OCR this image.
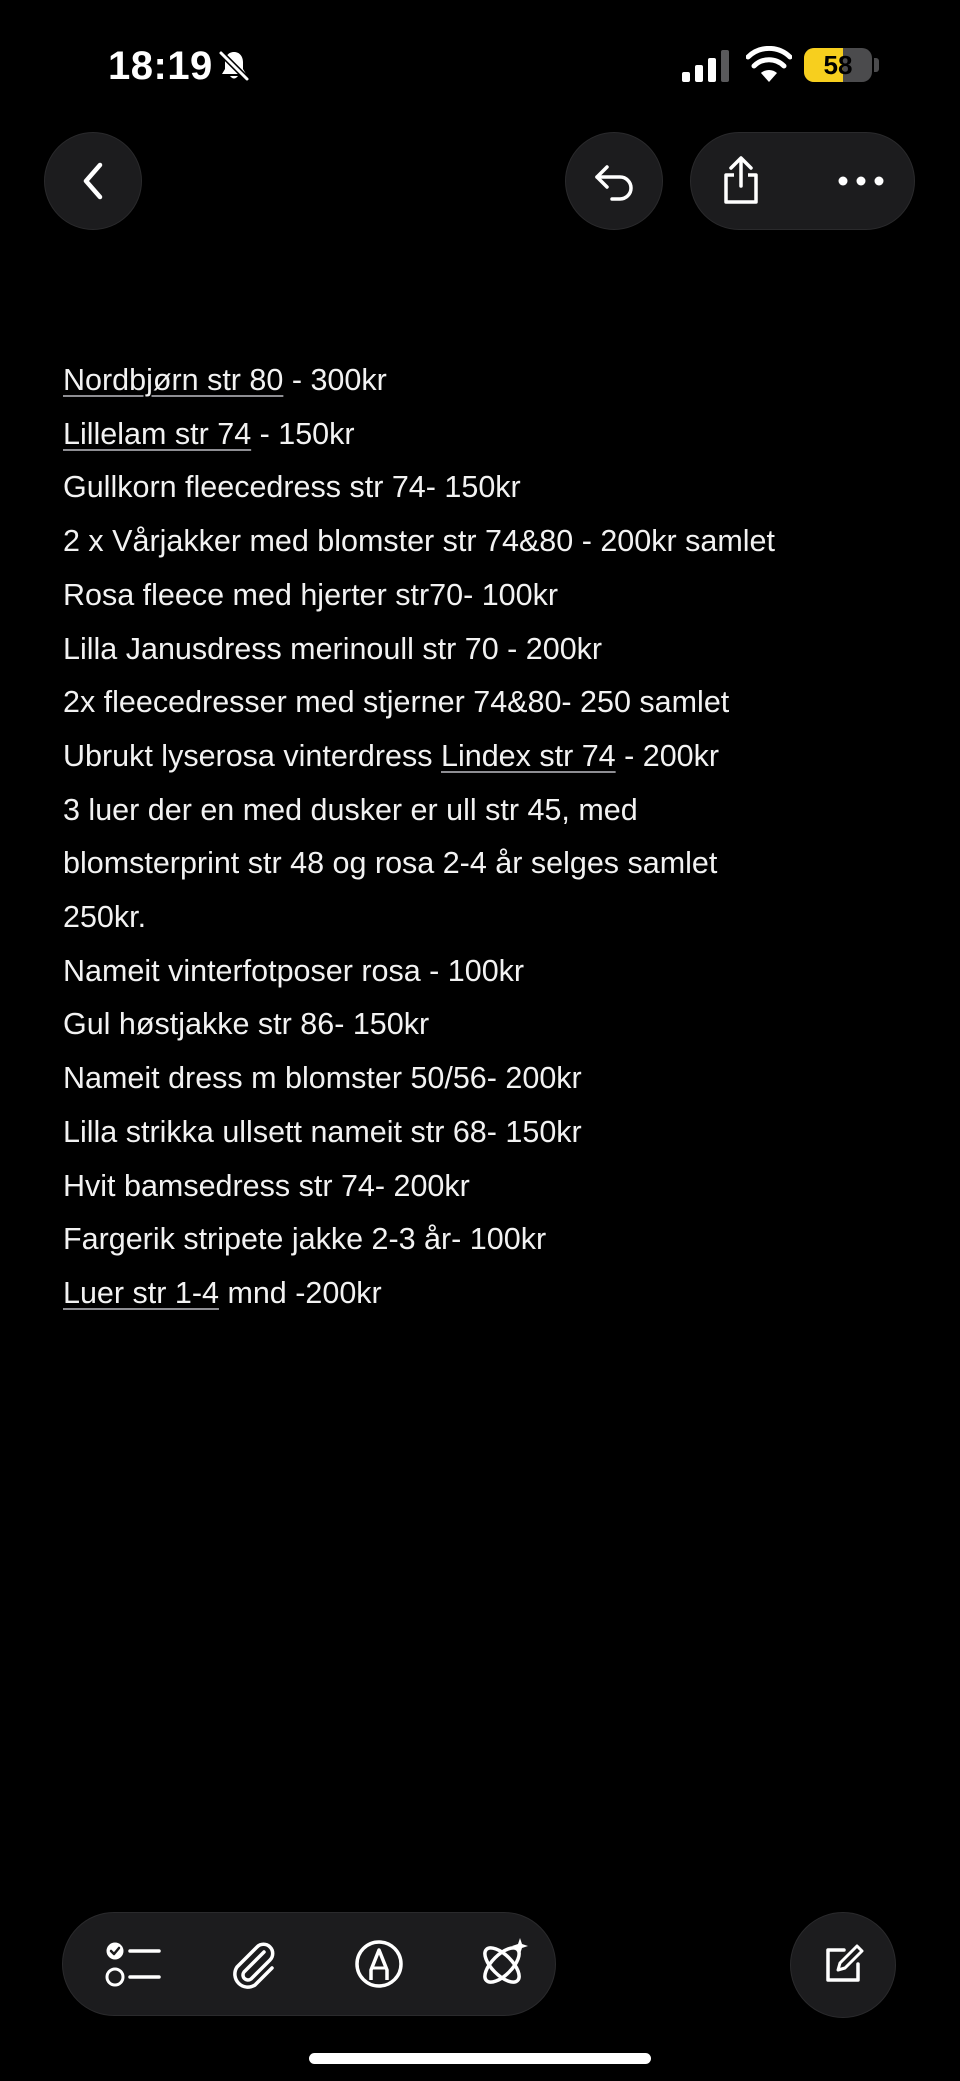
18:19	58
Nordbjørn str 80 - 300kr
Lillelam str 74 - 150kr
Gullkorn fleecedress str 74- 150kr
2 x Vårjakker med blomster str 74&80 - 200kr samlet
Rosa fleece med hjerter str70- 100kr
Lilla Janusdress merinoull str 70 - 200kr
2x fleecedresser med stjerner 74&80- 250 samlet
Ubrukt lyserosa vinterdress Lindex str 74 - 200kr
3 luer der en med dusker er ull str 45, med
blomsterprint str 48 og rosa 2-4 år selges samlet
250kr.
Nameit vinterfotposer rosa - 100kr
Gul høstjakke str 86- 150kr
Nameit dress m blomster 50/56- 200kr
Lilla strikka ullsett nameit str 68- 150kr
Hvit bamsedress str 74- 200kr
Fargerik stripete jakke 2-3 år- 100kr
Luer str 1-4 mnd -200kr
